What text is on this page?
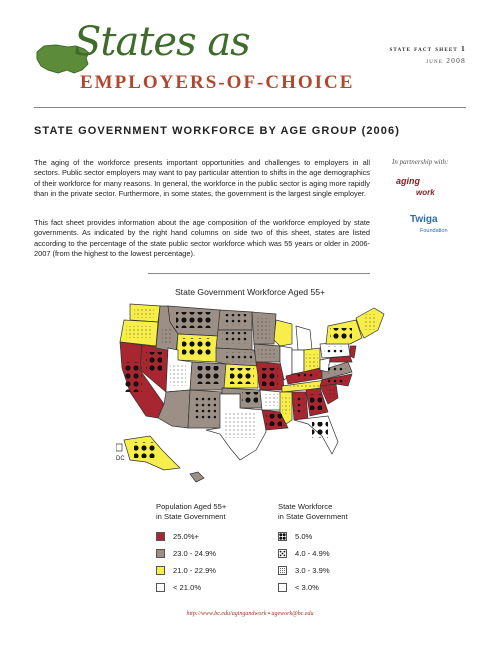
States as
EMPLOYERS-OF-CHOICE
state fact sheet 1
june 2008
STATE GOVERNMENT WORKFORCE BY AGE GROUP (2006)
The aging of the workforce presents important opportunities and challenges to employers in all sectors. Public sector employers may want to pay particular attention to shifts in the age demographics of their workforce for many reasons. In general, the workforce in the public sector is aging more rapidly than in the private sector. Furthermore, in some states, the government is the largest single employer.
This fact sheet provides information about the age composition of the workforce employed by state governments. As indicated by the right hand columns on side two of this sheet, states are listed according to the percentage of the state public sector workforce which was 55 years or older in 2006-2007 (from the highest to the lowest percentage).
In partnership with:
aging
work
Twiga
Foundation
State Government Workforce Aged 55+
DC
Population Aged 55+
in State Government
25.0%+
23.0 - 24.9%
21.0 - 22.9%
< 21.0%
State Workforce
in State Government
5.0%
4.0 - 4.9%
3.0 - 3.9%
< 3.0%
http://www.bc.edu/agingandwork ▪ agework@bc.edu
